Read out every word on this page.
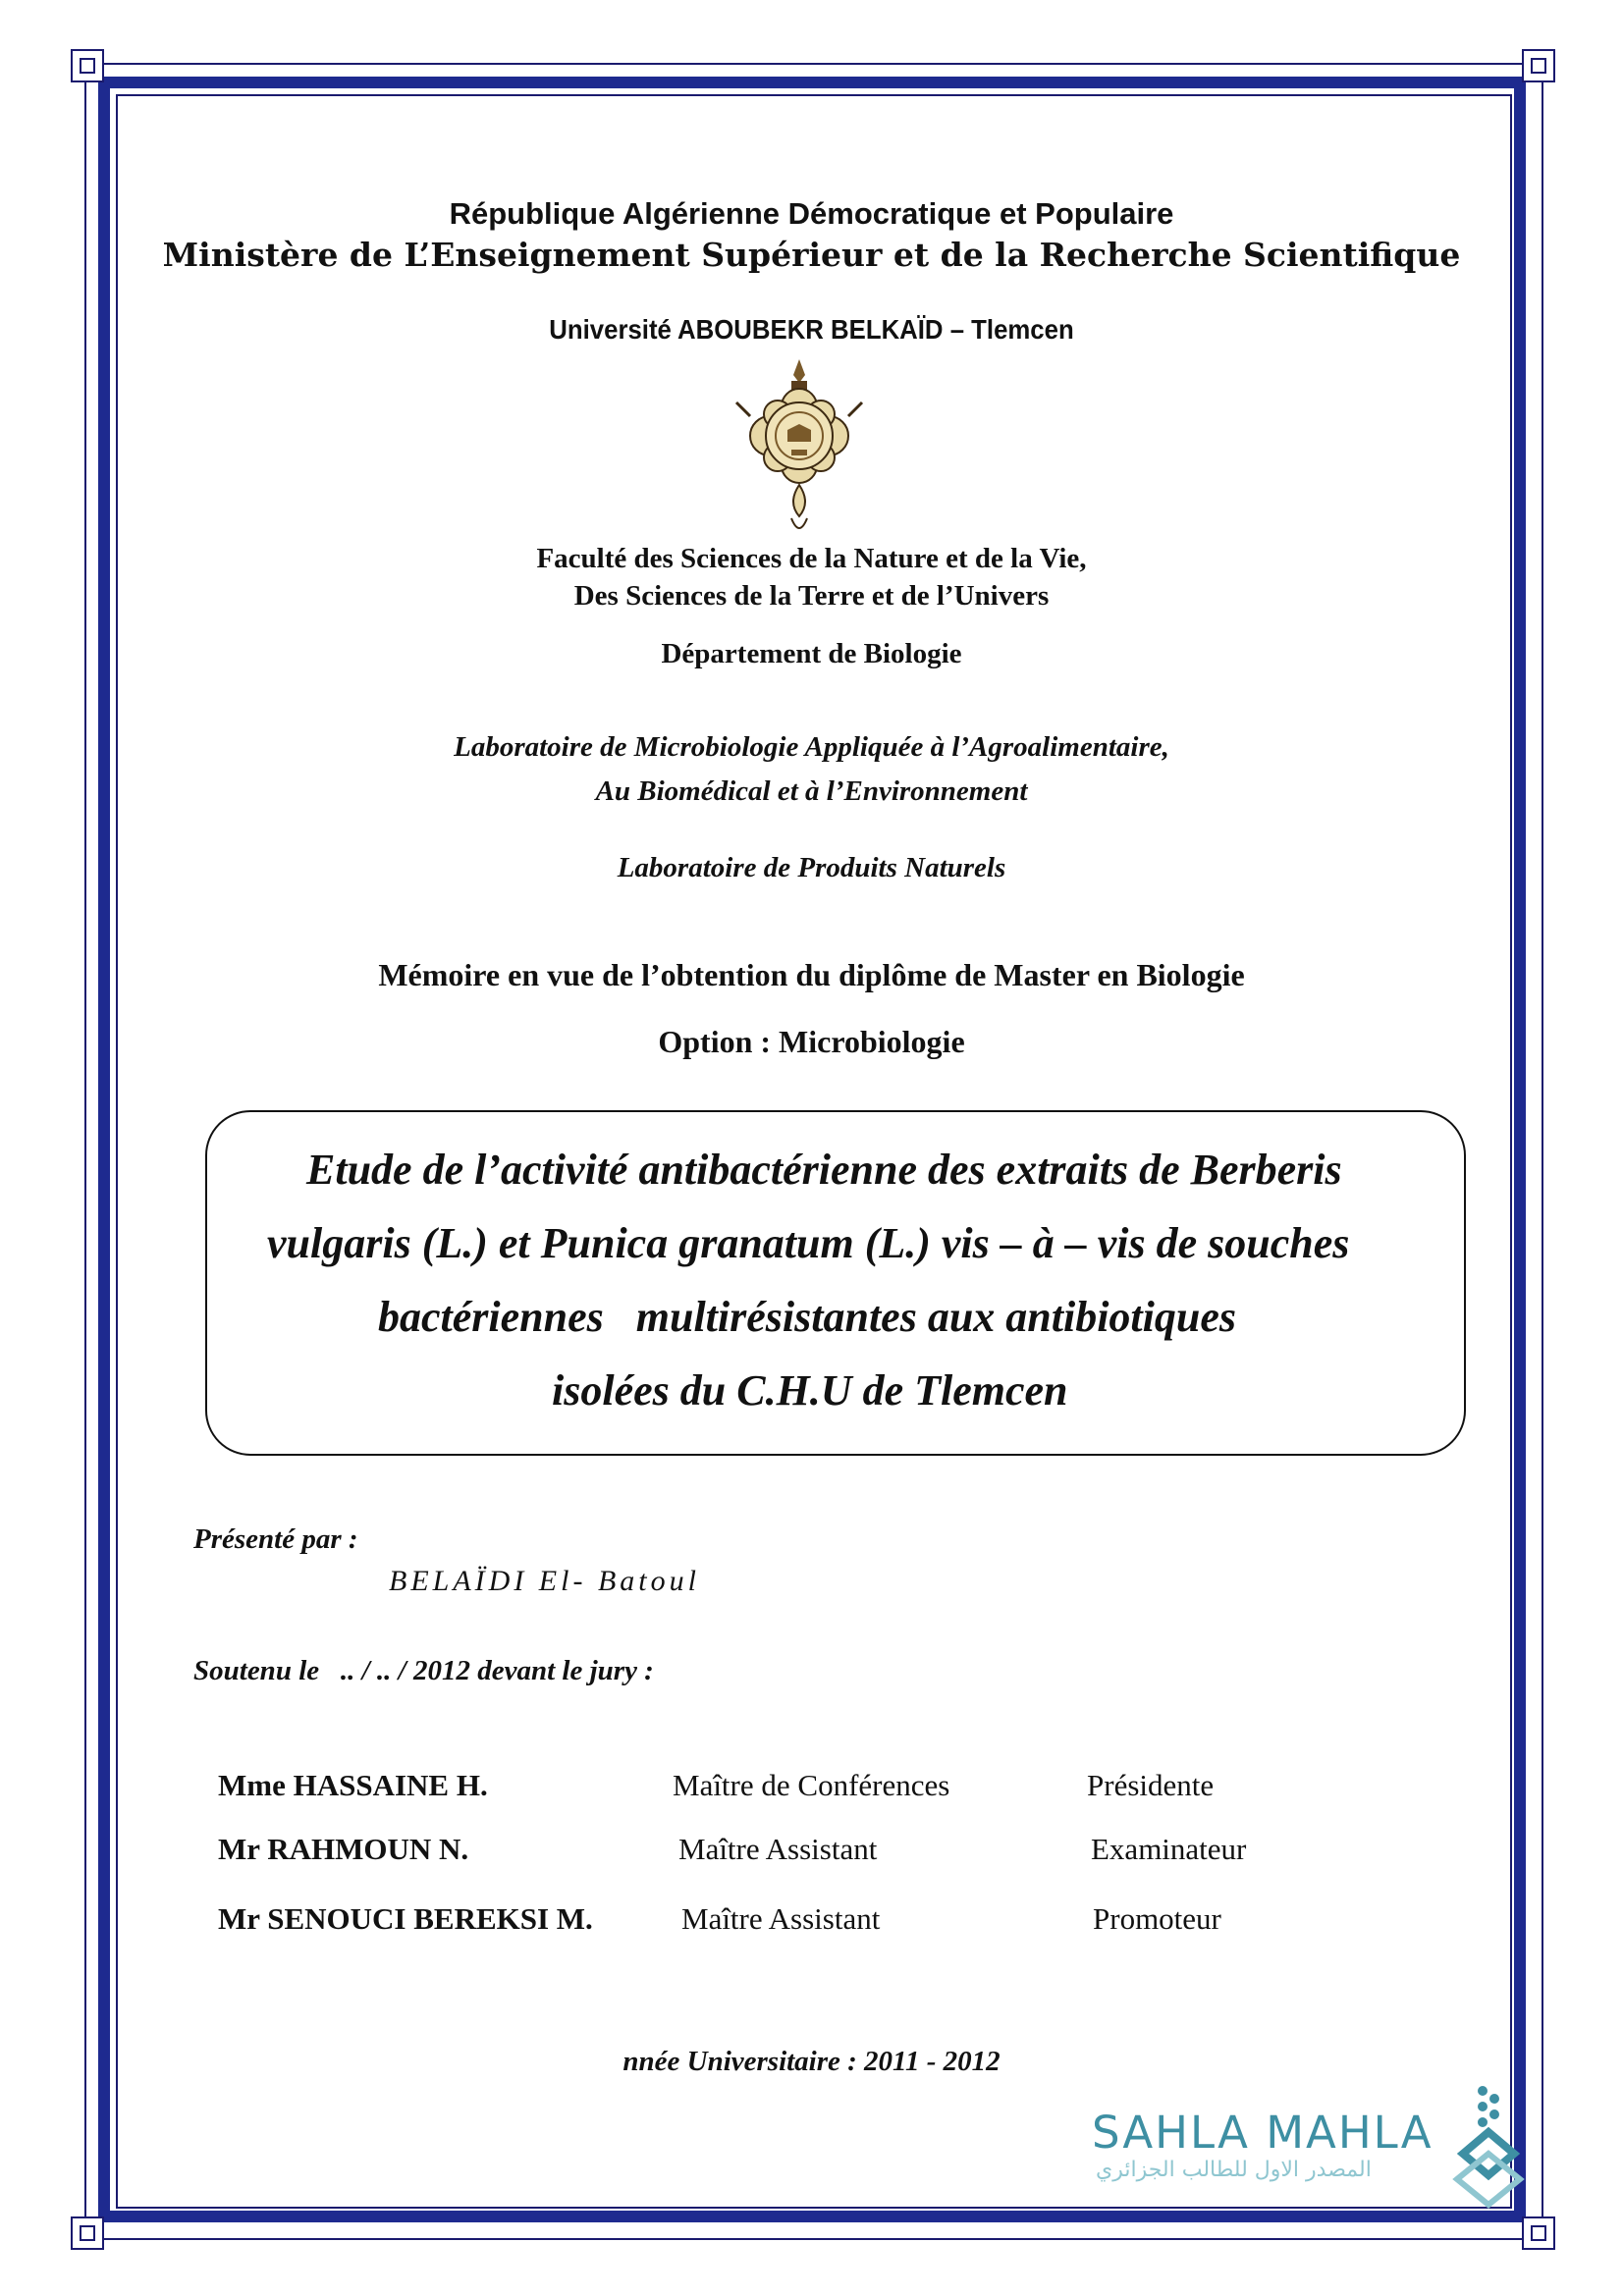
République Algérienne Démocratique et Populaire
Ministère de L’Enseignement Supérieur et de la Recherche Scientifique
Université ABOUBEKR BELKAÏD – Tlemcen
Faculté des Sciences de la Nature et de la Vie,
Des Sciences de la Terre et de l’Univers
Département de Biologie
Laboratoire de Microbiologie Appliquée à l’Agroalimentaire,
Au Biomédical et à l’Environnement
Laboratoire de Produits Naturels
Mémoire en vue de l’obtention du diplôme de Master en Biologie
Option : Microbiologie
Etude de l’activité antibactérienne des extraits de Berberis
vulgaris (L.) et Punica granatum (L.) vis – à – vis de souches
bactériennes   multirésistantes aux antibiotiques
isolées du C.H.U de Tlemcen
Présenté par :
BELAÏDI El- Batoul
Soutenu le   .. / .. / 2012 devant le jury :
Mme HASSAINE H.	Maître de Conférences	Présidente
Mr RAHMOUN N.	Maître Assistant	Examinateur
Mr SENOUCI BEREKSI M.	Maître Assistant	Promoteur
nnée Universitaire : 2011 - 2012
SAHLA MAHLA
المصدر الاول للطالب الجزائري
